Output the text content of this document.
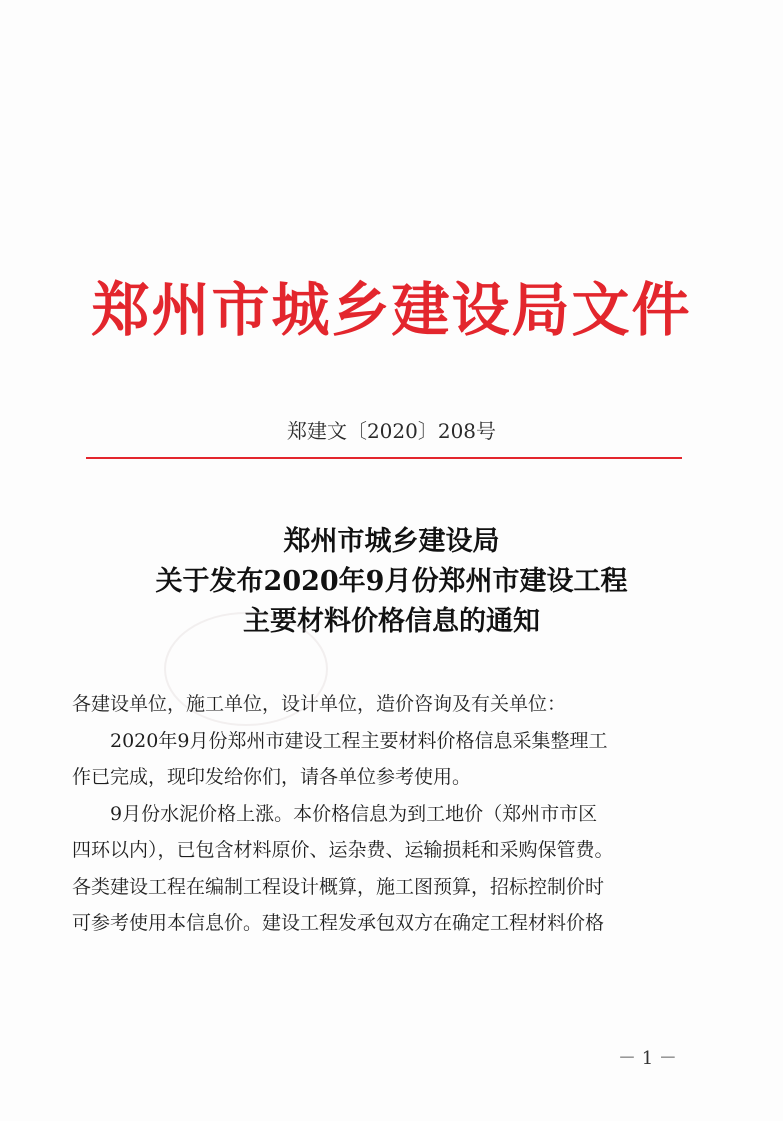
郑州市城乡建设局文件
郑建文〔2020〕208号
郑州市城乡建设局
关于发布2020年9月份郑州市建设工程
主要材料价格信息的通知

各建设单位，施工单位，设计单位，造价咨询及有关单位：

2020年9月份郑州市建设工程主要材料价格信息采集整理工

作已完成，现印发给你们，请各单位参考使用。

9月份水泥价格上涨。本价格信息为到工地价（郑州市市区

四环以内），已包含材料原价、运杂费、运输损耗和采购保管费。

各类建设工程在编制工程设计概算，施工图预算，招标控制价时

可参考使用本信息价。建设工程发承包双方在确定工程材料价格

－ 1 －
